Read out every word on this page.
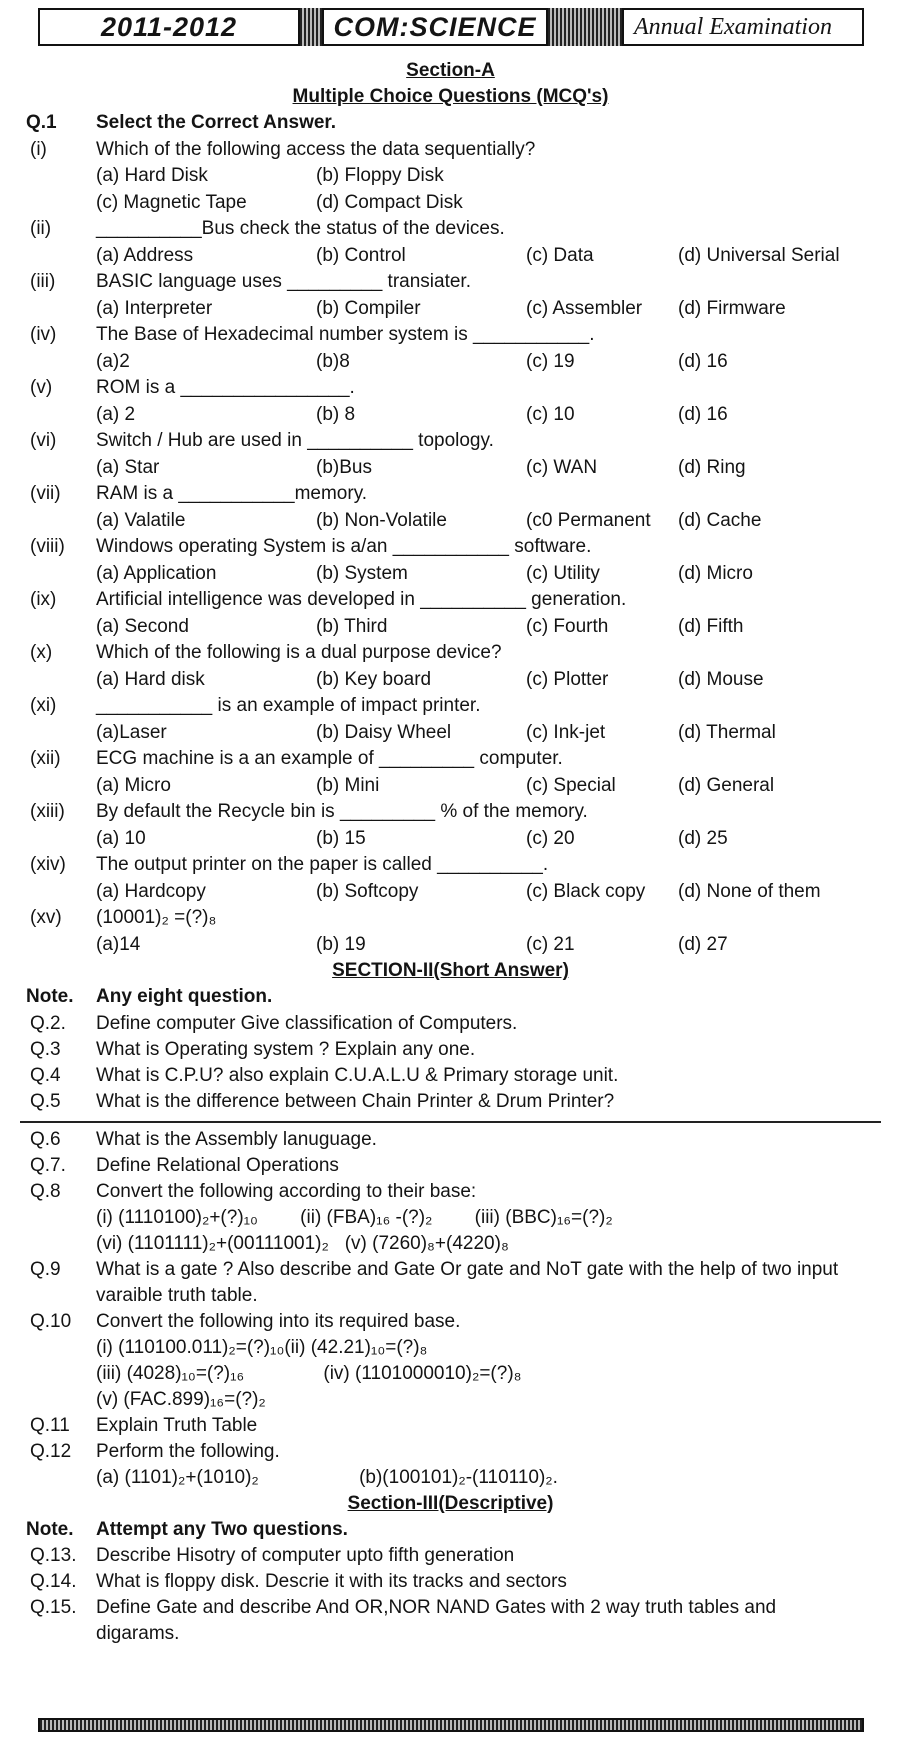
2011-2012	COM:SCIENCE	Annual Examination
Section-A
Multiple Choice Questions (MCQ's)
Q.1 Select the Correct Answer.
(i)	Which of the following access the data sequentially?
(a) Hard Disk	(b) Floppy Disk
(c) Magnetic Tape	(d) Compact Disk
(ii) __________Bus check the status of the devices.
(a) Address	(b) Control	(c) Data	(d) Universal Serial
(iii) BASIC language uses _________ transiater.
(a) Interpreter	(b) Compiler	(c) Assembler (d) Firmware
(iv) The Base of Hexadecimal number system is ___________.
(a)2	(b)8	(c) 19	(d) 16
(v) ROM is a ________________.
(a) 2	(b) 8	(c) 10	(d) 16
(vi) Switch / Hub are used in __________ topology.
(a) Star	(b)Bus	(c) WAN	(d) Ring
(vii) RAM is a ___________memory.
(a) Valatile	(b) Non-Volatile	(c0 Permanent (d) Cache
(viii) Windows operating System is a/an ___________ software.
(a) Application	(b) System	(c) Utility	(d) Micro
(ix) Artificial intelligence was developed in __________ generation.
(a) Second	(b) Third	(c) Fourth	(d) Fifth
(x) Which of the following is a dual purpose device?
(a) Hard disk	(b) Key board	(c) Plotter	(d) Mouse
(xi) ___________ is an example of impact printer.
(a)Laser	(b) Daisy Wheel	(c) Ink-jet	(d) Thermal
(xii) ECG machine is a an example of _________ computer.
(a) Micro	(b) Mini	(c) Special	(d) General
(xiii) By default the Recycle bin is _________ % of the memory.
(a) 10	(b) 15	(c) 20	(d) 25
(xiv) The output printer on the paper is called __________.
(a) Hardcopy	(b) Softcopy	(c) Black copy (d) None of them
(xv) (10001)₂ =(?)₈
(a)14	(b) 19	(c) 21	(d) 27
SECTION-II(Short Answer)
Note. Any eight question.
Q.2. Define computer Give classification of Computers.
Q.3 What is Operating system ? Explain any one.
Q.4 What is C.P.U? also explain C.U.A.L.U & Primary storage unit.
Q.5 What is the difference between Chain Printer & Drum Printer?
Q.6 What is the Assembly lanuguage.
Q.7. Define Relational Operations
Q.8 Convert the following according to their base:
(i) (1110100)₂+(?)₁₀        (ii) (FBA)₁₆ -(?)₂        (iii) (BBC)₁₆=(?)₂
(vi) (1101111)₂+(00111001)₂   (v) (7260)₈+(4220)₈
Q.9 What is a gate ? Also describe and Gate Or gate and NoT gate with the help of two input varaible truth table.
Q.10 Convert the following into its required base.
(i) (110100.011)₂=(?)₁₀(ii) (42.21)₁₀=(?)₈
(iii) (4028)₁₀=(?)₁₆               (iv) (1101000010)₂=(?)₈
(v) (FAC.899)₁₆=(?)₂
Q.11 Explain Truth Table
Q.12 Perform the following.
(a) (1101)₂+(1010)₂                   (b)(100101)₂-(110110)₂.
Section-III(Descriptive)
Note. Attempt any Two questions.
Q.13. Describe Hisotry of computer upto fifth generation
Q.14. What is floppy disk. Descrie it with its tracks and sectors
Q.15. Define Gate and describe And OR,NOR NAND Gates with 2 way truth tables and digarams.
